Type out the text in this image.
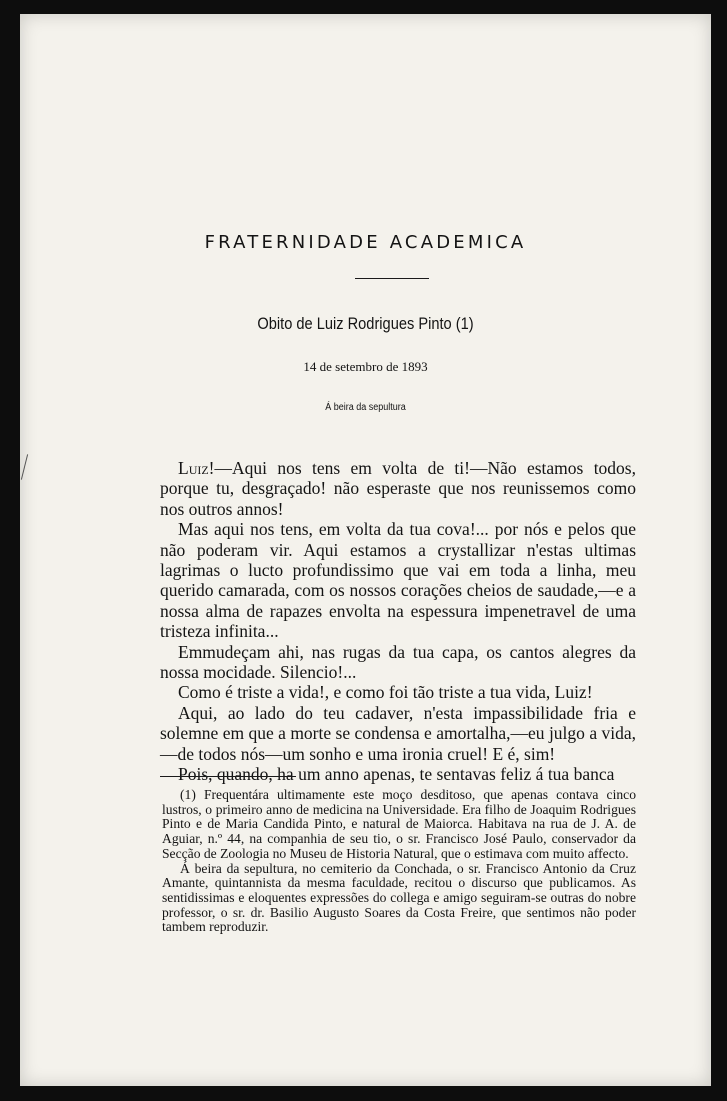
FRATERNIDADE ACADEMICA
Obito de Luiz Rodrigues Pinto (1)
14 de setembro de 1893
Á beira da sepultura

Luiz!—Aqui nos tens em volta de ti!—Não estamos todos, porque tu, desgraçado! não esperaste que nos reunissemos como nos outros annos!

Mas aqui nos tens, em volta da tua cova!... por nós e pelos que não poderam vir. Aqui estamos a crystallizar n'estas ultimas lagrimas o lucto profundissimo que vai em toda a linha, meu querido camarada, com os nossos corações cheios de saudade,—e a nossa alma de rapazes envolta na espessura impenetravel de uma tristeza infinita...

Emmudeçam ahi, nas rugas da tua capa, os cantos alegres da nossa mocidade. Silencio!...

Como é triste a vida!, e como foi tão triste a tua vida, Luiz!

Aqui, ao lado do teu cadaver, n'esta impassibilidade fria e solemne em que a morte se condensa e amortalha,—eu julgo a vida,—de todos nós—um sonho e uma ironia cruel! E é, sim!

Pois, quando, ha um anno apenas, te sentavas feliz á tua banca

(1) Frequentára ultimamente este moço desditoso, que apenas contava cinco lustros, o primeiro anno de medicina na Universidade. Era filho de Joaquim Rodrigues Pinto e de Maria Candida Pinto, e natural de Maiorca. Habitava na rua de J. A. de Aguiar, n.º 44, na companhia de seu tio, o sr. Francisco José Paulo, conservador da Secção de Zoologia no Museu de Historia Natural, que o estimava com muito affecto.

Á beira da sepultura, no cemiterio da Conchada, o sr. Francisco Antonio da Cruz Amante, quintannista da mesma faculdade, recitou o discurso que publicamos. As sentidissimas e eloquentes expressões do collega e amigo seguiram-se outras do nobre professor, o sr. dr. Basilio Augusto Soares da Costa Freire, que sentimos não poder tambem reproduzir.
